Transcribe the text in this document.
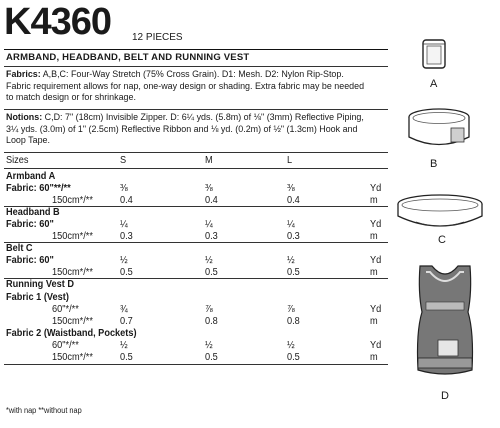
K4360 12 PIECES
ARMBAND, HEADBAND, BELT AND RUNNING VEST
Fabrics: A,B,C: Four-Way Stretch (75% Cross Grain). D1: Mesh. D2: Nylon Rip-Stop. Fabric requirement allows for nap, one-way design or shading. Extra fabric may be needed to match design or for shrinkage.
Notions: C,D: 7" (18cm) Invisible Zipper. D: 6¼ yds. (5.8m) of ⅛" (3mm) Reflective Piping, 3¼ yds. (3.0m) of 1" (2.5cm) Reflective Ribbon and ⅛ yd. (0.2m) of ½" (1.3cm) Hook and Loop Tape.
Sizes	S	M	L
Armband A
Fabric: 60"**/**	⅜	⅜	⅜	Yd
150cm*/**	0.4	0.4	0.4	m
Headband B
Fabric: 60"	¼	¼	¼	Yd
150cm*/**	0.3	0.3	0.3	m
Belt C
Fabric: 60"	½	½	½	Yd
150cm*/**	0.5	0.5	0.5	m
Running Vest D
Fabric 1 (Vest)
60"*/**	¾	⅞	⅞	Yd
150cm*/**	0.7	0.8	0.8	m
Fabric 2 (Waistband, Pockets)
60"*/**	½	½	½	Yd
150cm*/**	0.5	0.5	0.5	m
*with nap **without nap
A
B
C
D
